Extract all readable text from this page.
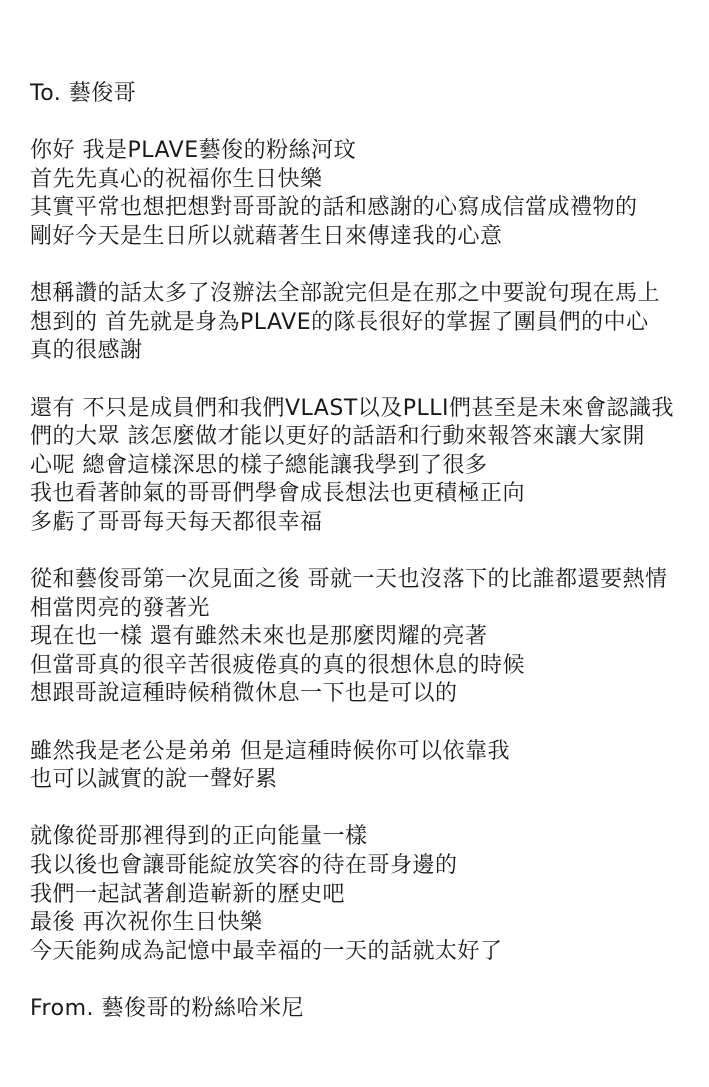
To. 藝俊哥
你好 我是PLAVE藝俊的粉絲河玟
首先先真心的祝福你生日快樂
其實平常也想把想對哥哥說的話和感謝的心寫成信當成禮物的
剛好今天是生日所以就藉著生日來傳達我的心意
想稱讚的話太多了沒辦法全部說完但是在那之中要說句現在馬上
想到的 首先就是身為PLAVE的隊長很好的掌握了團員們的中心
真的很感謝
還有 不只是成員們和我們VLAST以及PLLI們甚至是未來會認識我
們的大眾 該怎麼做才能以更好的話語和行動來報答來讓大家開
心呢 總會這樣深思的樣子總能讓我學到了很多
我也看著帥氣的哥哥們學會成長想法也更積極正向
多虧了哥哥每天每天都很幸福
從和藝俊哥第一次見面之後 哥就一天也沒落下的比誰都還要熱情
相當閃亮的發著光
現在也一樣 還有雖然未來也是那麼閃耀的亮著
但當哥真的很辛苦很疲倦真的真的很想休息的時候
想跟哥說這種時候稍微休息一下也是可以的
雖然我是老公是弟弟 但是這種時候你可以依靠我
也可以誠實的說一聲好累
就像從哥那裡得到的正向能量一樣
我以後也會讓哥能綻放笑容的待在哥身邊的
我們一起試著創造嶄新的歷史吧
最後 再次祝你生日快樂
今天能夠成為記憶中最幸福的一天的話就太好了
From. 藝俊哥的粉絲哈米尼
